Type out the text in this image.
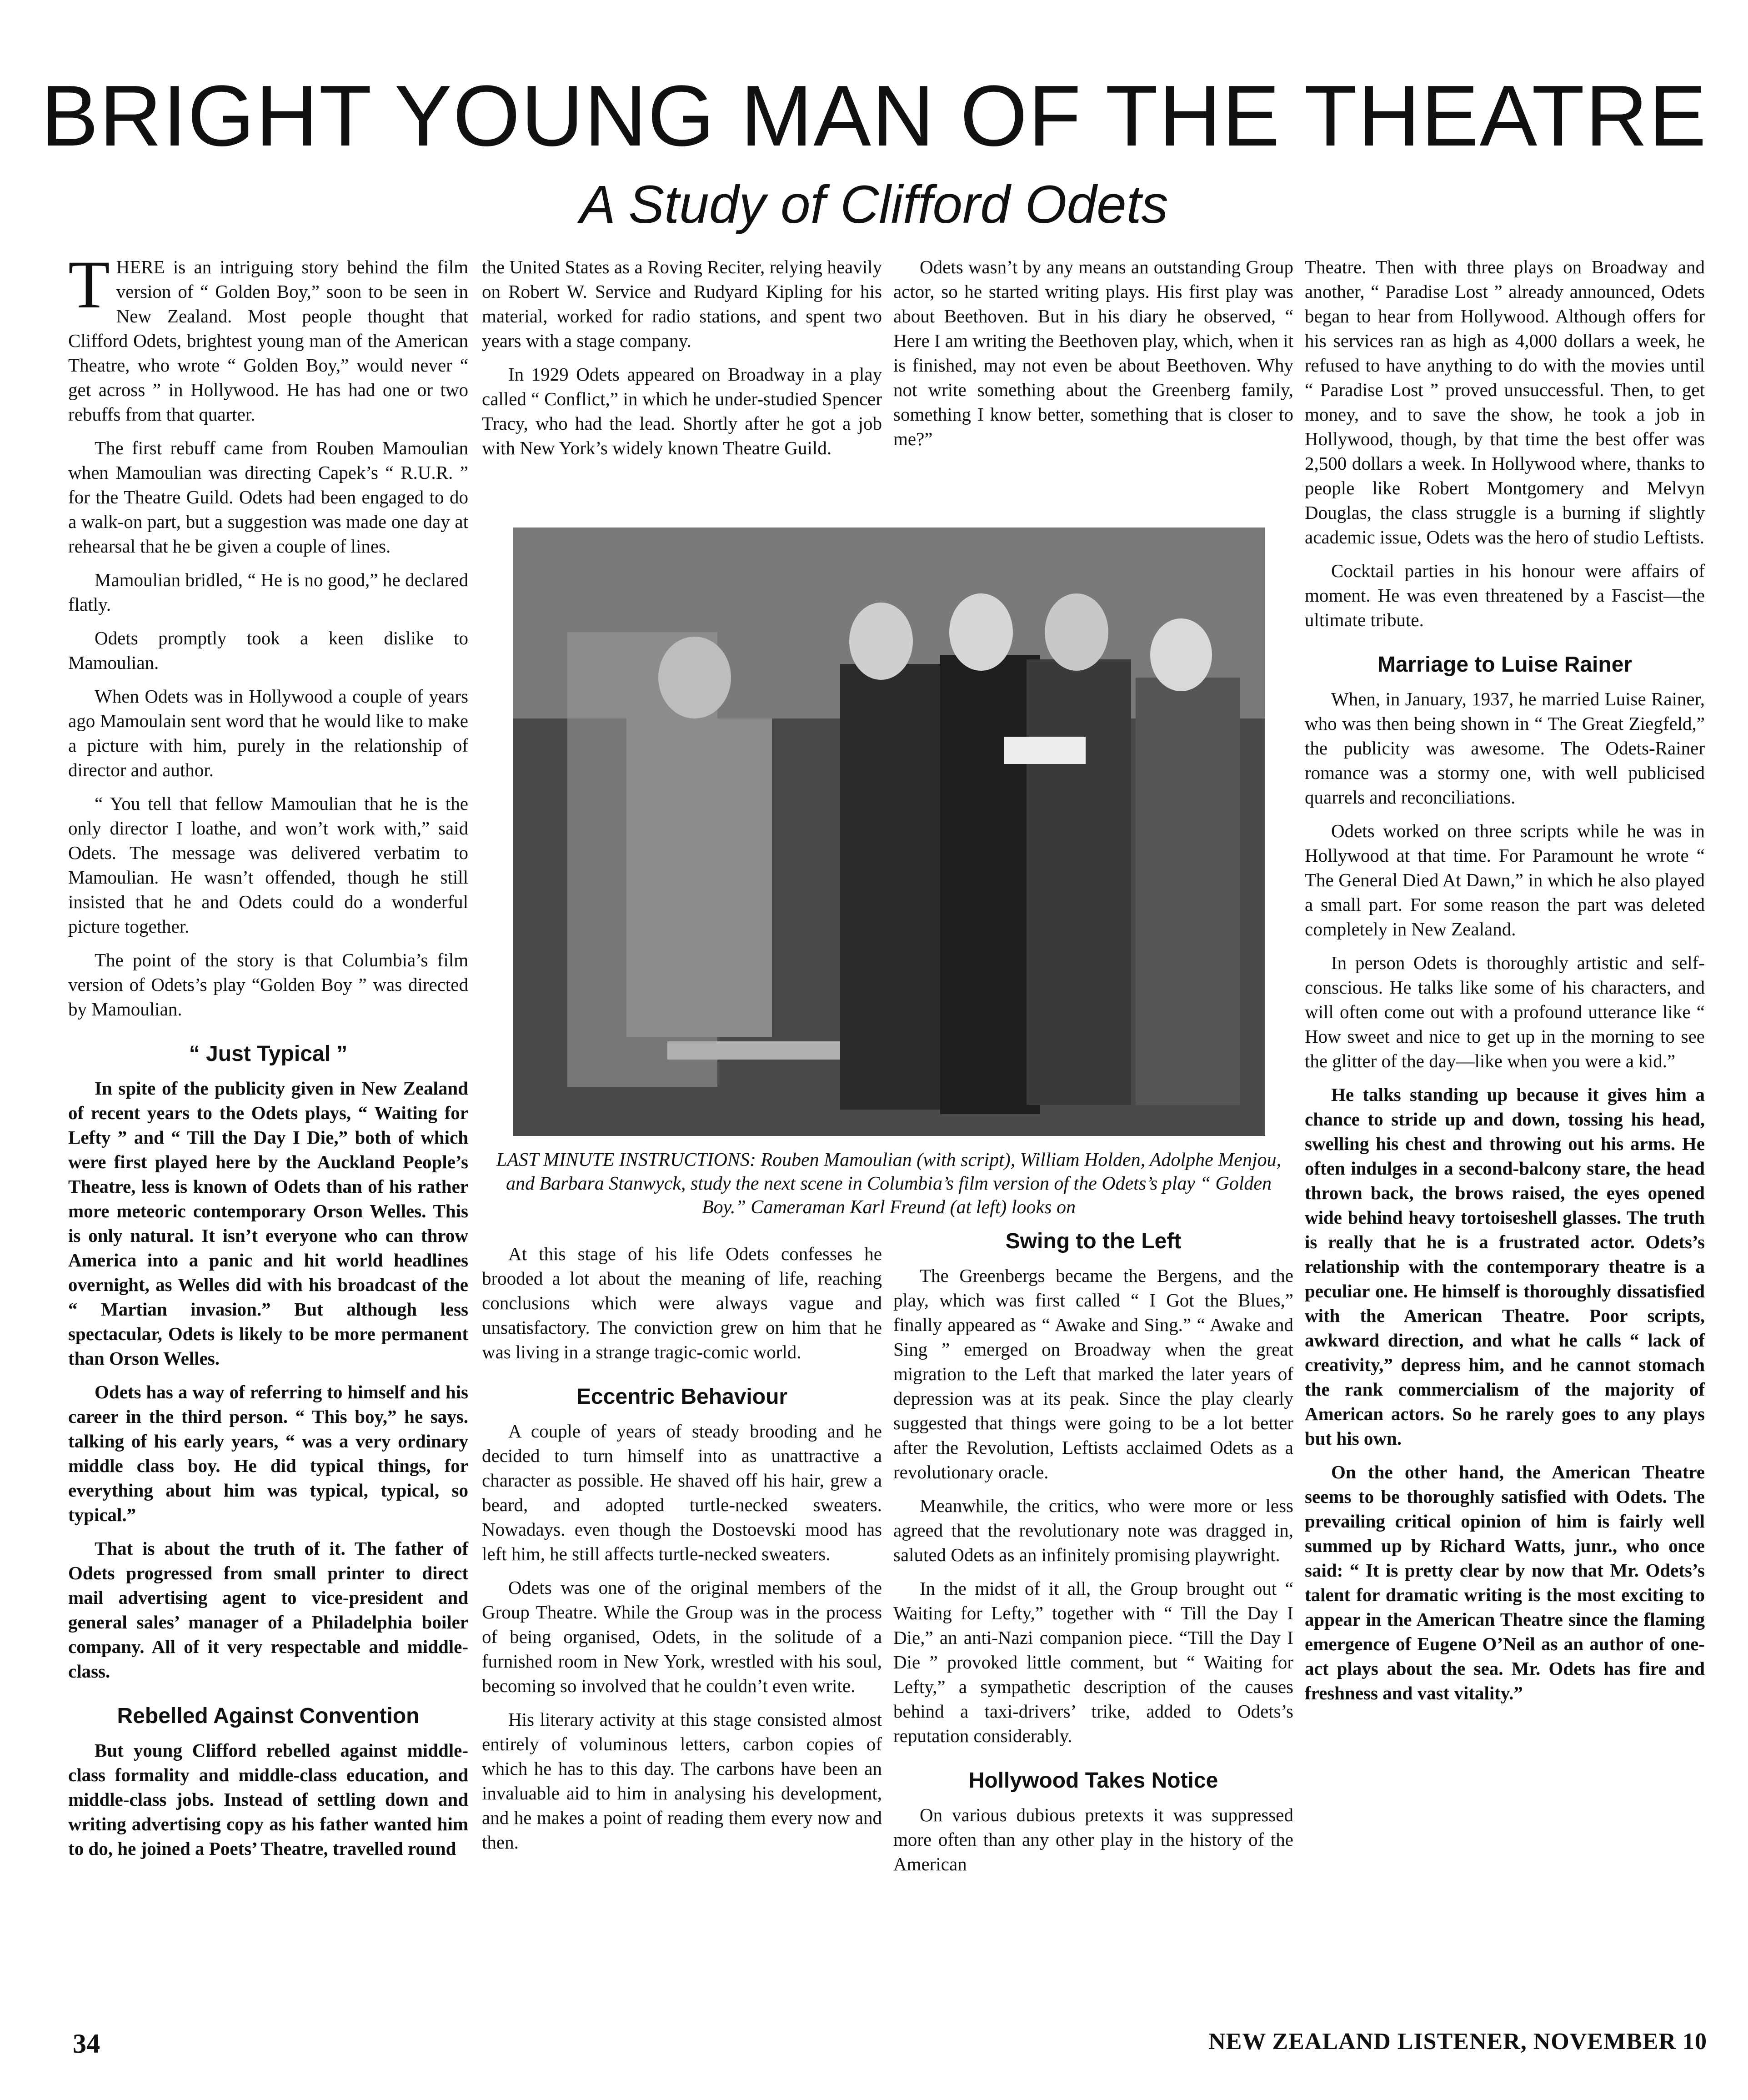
BRIGHT YOUNG MAN OF THE THEATRE
A Study of Clifford Odets

THERE is an intriguing story behind the film version of “ Golden Boy,” soon to be seen in New Zealand. Most people thought that Clifford Odets, brightest young man of the American Theatre, who wrote “ Golden Boy,” would never “ get across ” in Hollywood. He has had one or two rebuffs from that quarter.

The first rebuff came from Rouben Mamoulian when Mamoulian was directing Capek’s “ R.U.R. ” for the Theatre Guild. Odets had been engaged to do a walk-on part, but a suggestion was made one day at rehearsal that he be given a couple of lines.

Mamoulian bridled, “ He is no good,” he declared flatly.

Odets promptly took a keen dislike to Mamoulian.

When Odets was in Hollywood a couple of years ago Mamoulain sent word that he would like to make a picture with him, purely in the relationship of director and author.

“ You tell that fellow Mamoulian that he is the only director I loathe, and won’t work with,” said Odets. The message was delivered verbatim to Mamoulian. He wasn’t offended, though he still insisted that he and Odets could do a wonderful picture together.

The point of the story is that Columbia’s film version of Odets’s play “Golden Boy ” was directed by Mamoulian.

“ Just Typical ”

In spite of the publicity given in New Zealand of recent years to the Odets plays, “ Waiting for Lefty ” and “ Till the Day I Die,” both of which were first played here by the Auckland People’s Theatre, less is known of Odets than of his rather more meteoric contemporary Orson Welles. This is only natural. It isn’t everyone who can throw America into a panic and hit world headlines overnight, as Welles did with his broadcast of the “ Martian invasion.” But although less spectacular, Odets is likely to be more permanent than Orson Welles.

Odets has a way of referring to himself and his career in the third person. “ This boy,” he says. talking of his early years, “ was a very ordinary middle class boy. He did typical things, for everything about him was typical, typical, so typical.”

That is about the truth of it. The father of Odets progressed from small printer to direct mail advertising agent to vice-president and general sales’ manager of a Philadelphia boiler company. All of it very respectable and middle-class.

Rebelled Against Convention

But young Clifford rebelled against middle-class formality and middle-class education, and middle-class jobs. Instead of settling down and writing advertising copy as his father wanted him to do, he joined a Poets’ Theatre, travelled round

the United States as a Roving Reciter, relying heavily on Robert W. Service and Rudyard Kipling for his material, worked for radio stations, and spent two years with a stage company.

In 1929 Odets appeared on Broadway in a play called “ Conflict,” in which he under-studied Spencer Tracy, who had the lead. Shortly after he got a job with New York’s widely known Theatre Guild.

Odets wasn’t by any means an outstanding Group actor, so he started writing plays. His first play was about Beethoven. But in his diary he observed, “ Here I am writing the Beethoven play, which, when it is finished, may not even be about Beethoven. Why not write something about the Greenberg family, something I know better, something that is closer to me?”

Theatre. Then with three plays on Broadway and another, “ Paradise Lost ” already announced, Odets began to hear from Hollywood. Although offers for his services ran as high as 4,000 dollars a week, he refused to have anything to do with the movies until “ Paradise Lost ” proved unsuccessful. Then, to get money, and to save the show, he took a job in Hollywood, though, by that time the best offer was 2,500 dollars a week. In Hollywood where, thanks to people like Robert Montgomery and Melvyn Douglas, the class struggle is a burning if slightly academic issue, Odets was the hero of studio Leftists.

Cocktail parties in his honour were affairs of moment. He was even threatened by a Fascist—the ultimate tribute.

Marriage to Luise Rainer

When, in January, 1937, he married Luise Rainer, who was then being shown in “ The Great Ziegfeld,” the publicity was awesome. The Odets-Rainer romance was a stormy one, with well publicised quarrels and reconciliations.

Odets worked on three scripts while he was in Hollywood at that time. For Paramount he wrote “ The General Died At Dawn,” in which he also played a small part. For some reason the part was deleted completely in New Zealand.

In person Odets is thoroughly artistic and self-conscious. He talks like some of his characters, and will often come out with a profound utterance like “ How sweet and nice to get up in the morning to see the glitter of the day—like when you were a kid.”

He talks standing up because it gives him a chance to stride up and down, tossing his head, swelling his chest and throwing out his arms. He often indulges in a second-balcony stare, the head thrown back, the brows raised, the eyes opened wide behind heavy tortoiseshell glasses. The truth is really that he is a frustrated actor. Odets’s relationship with the contemporary theatre is a peculiar one. He himself is thoroughly dissatisfied with the American Theatre. Poor scripts, awkward direction, and what he calls “ lack of creativity,” depress him, and he cannot stomach the rank commercialism of the majority of American actors. So he rarely goes to any plays but his own.

On the other hand, the American Theatre seems to be thoroughly satisfied with Odets. The prevailing critical opinion of him is fairly well summed up by Richard Watts, junr., who once said: “ It is pretty clear by now that Mr. Odets’s talent for dramatic writing is the most exciting to appear in the American Theatre since the flaming emergence of Eugene O’Neil as an author of one-act plays about the sea. Mr. Odets has fire and freshness and vast vitality.”

LAST MINUTE INSTRUCTIONS: Rouben Mamoulian (with script), William Holden, Adolphe Menjou, and Barbara Stanwyck, study the next scene in Columbia’s film version of the Odets’s play “ Golden Boy.” Cameraman Karl Freund (at left) looks on

At this stage of his life Odets confesses he brooded a lot about the meaning of life, reaching conclusions which were always vague and unsatisfactory. The conviction grew on him that he was living in a strange tragic-comic world.

Eccentric Behaviour

A couple of years of steady brooding and he decided to turn himself into as unattractive a character as possible. He shaved off his hair, grew a beard, and adopted turtle-necked sweaters. Nowadays. even though the Dostoevski mood has left him, he still affects turtle-necked sweaters.

Odets was one of the original members of the Group Theatre. While the Group was in the process of being organised, Odets, in the solitude of a furnished room in New York, wrestled with his soul, becoming so involved that he couldn’t even write.

His literary activity at this stage consisted almost entirely of voluminous letters, carbon copies of which he has to this day. The carbons have been an invaluable aid to him in analysing his development, and he makes a point of reading them every now and then.

Swing to the Left

The Greenbergs became the Bergens, and the play, which was first called “ I Got the Blues,” finally appeared as “ Awake and Sing.” “ Awake and Sing ” emerged on Broadway when the great migration to the Left that marked the later years of depression was at its peak. Since the play clearly suggested that things were going to be a lot better after the Revolution, Leftists acclaimed Odets as a revolutionary oracle.

Meanwhile, the critics, who were more or less agreed that the revolutionary note was dragged in, saluted Odets as an infinitely promising playwright.

In the midst of it all, the Group brought out “ Waiting for Lefty,” together with “ Till the Day I Die,” an anti-Nazi companion piece. “Till the Day I Die ” provoked little comment, but “ Waiting for Lefty,” a sympathetic description of the causes behind a taxi-drivers’ trike, added to Odets’s reputation considerably.

Hollywood Takes Notice

On various dubious pretexts it was suppressed more often than any other play in the history of the American

34	NEW ZEALAND LISTENER, NOVEMBER 10
